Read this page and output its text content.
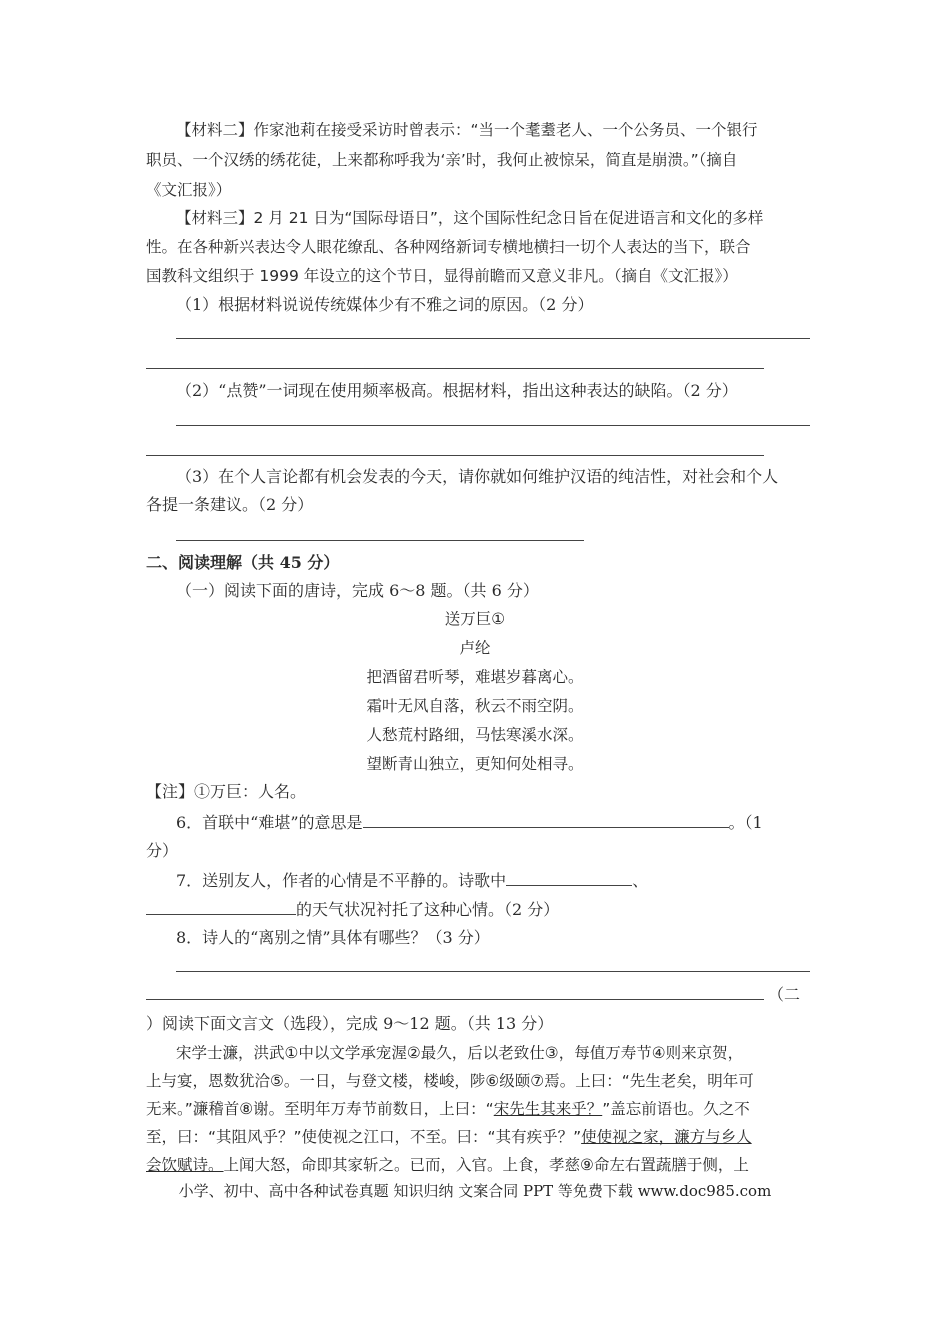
【材料二】作家池莉在接受采访时曾表示：“当一个耄耋老人、一个公务员、一个银行
职员、一个汉绣的绣花徒，上来都称呼我为‘亲’时，我何止被惊呆，简直是崩溃。”（摘自
《文汇报》）
【材料三】2 月 21 日为“国际母语日”，这个国际性纪念日旨在促进语言和文化的多样
性。在各种新兴表达令人眼花缭乱、各种网络新词专横地横扫一切个人表达的当下，联合
国教科文组织于 1999 年设立的这个节日，显得前瞻而又意义非凡。（摘自《文汇报》）
（1）根据材料说说传统媒体少有不雅之词的原因。（2 分）
（2）“点赞”一词现在使用频率极高。根据材料，指出这种表达的缺陷。（2 分）
（3）在个人言论都有机会发表的今天，请你就如何维护汉语的纯洁性，对社会和个人
各提一条建议。（2 分）
二、阅读理解（共 45 分）
（一）阅读下面的唐诗，完成 6～8 题。（共 6 分）
送万巨①
卢纶
把酒留君听琴，难堪岁暮离心。
霜叶无风自落，秋云不雨空阴。
人愁荒村路细，马怯寒溪水深。
望断青山独立，更知何处相寻。
【注】①万巨：人名。
6．首联中“难堪”的意思是	。（1
分）
7．送别友人，作者的心情是不平静的。诗歌中	、
的天气状况衬托了这种心情。（2 分）
8．诗人的“离别之情”具体有哪些？（3 分）
（二
）阅读下面文言文（选段），完成 9～12 题。（共 13 分）
宋学士濂，洪武①中以文学承宠渥②最久，后以老致仕③，每值万寿节④则来京贺，
上与宴，恩数犹洽⑤。一日，与登文楼，楼峻，陟⑥级颐⑦焉。上曰：“先生老矣，明年可
无来。”濂稽首⑧谢。至明年万寿节前数日，上曰：“宋先生其来乎？”盖忘前语也。久之不
至，曰：“其阻风乎？”使使视之江口，不至。曰：“其有疾乎？”使使视之家，濂方与乡人
会饮赋诗。上闻大怒，命即其家斩之。已而，入官。上食，孝慈⑨命左右置蔬膳于侧，上
小学、初中、高中各种试卷真题 知识归纳 文案合同 PPT 等免费下载 www.doc985.com
